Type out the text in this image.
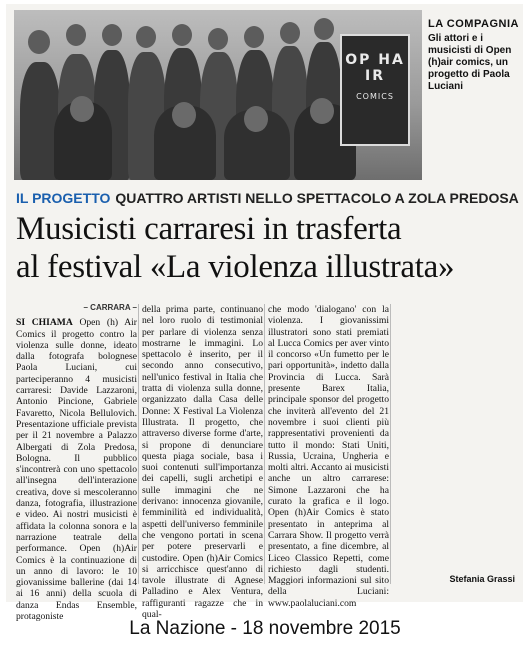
OP HA IR
COMICS
LA COMPAGNIA
Gli attori e i musicisti di Open (h)air comics, un progetto di Paola Luciani
IL PROGETTO QUATTRO ARTISTI NELLO SPETTACOLO A ZOLA PREDOSA
Musicisti carraresi in trasferta
al festival «La violenza illustrata»
– CARRARA –
SI CHIAMA Open (h) Air Comics il progetto contro la violenza sulle donne, ideato dalla fotografa bolognese Paola Luciani, cui parteciperanno 4 musicisti carraresi: Davide Lazzaroni, Antonio Pincione, Gabriele Favaretto, Nicola Bellulovich. Presentazione ufficiale prevista per il 21 novembre a Palazzo Albergati di Zola Predosa, Bologna. Il pubblico s'incontrerà con uno spettacolo all'insegna dell'interazione creativa, dove si mescoleranno danza, fotografia, illustrazione e video. Ai nostri musicisti è affidata la colonna sonora e la narrazione teatrale della performance. Open (h)Air Comics è la continuazione di un anno di lavoro: le 10 giovanissime ballerine (dai 14 ai 16 anni) della scuola di danza Endas Ensemble, protagoniste
della prima parte, continuano nel loro ruolo di testimonial per parlare di violenza senza mostrarne le immagini. Lo spettacolo è inserito, per il secondo anno consecutivo, nell'unico festival in Italia che tratta di violenza sulla donne, organizzato dalla Casa delle Donne: X Festival La Violenza Illustrata. Il progetto, che attraverso diverse forme d'arte, si propone di denunciare questa piaga sociale, basa i suoi contenuti sull'importanza dei capelli, sugli archetipi e sulle immagini che ne derivano: innocenza giovanile, femminilità ed individualità, aspetti dell'universo femminile che vengono portati in scena per potere preservarli e custodire. Open (h)Air Comics si arricchisce quest'anno di tavole illustrate di Agnese Palladino e Alex Ventura, raffiguranti ragazze che in qual-
che modo 'dialogano' con la violenza. I giovanissimi illustratori sono stati premiati al Lucca Comics per aver vinto il concorso «Un fumetto per le pari opportunità», indetto dalla Provincia di Lucca. Sarà presente Barex Italia, principale sponsor del progetto che inviterà all'evento del 21 novembre i suoi clienti più rappresentativi provenienti da tutto il mondo: Stati Uniti, Russia, Ucraina, Ungheria e molti altri. Accanto ai musicisti anche un altro carrarese: Simone Lazzaroni che ha curato la grafica e il logo. Open (h)Air Comics è stato presentato in anteprima al Carrara Show. Il progetto verrà presentato, a fine dicembre, al Liceo Classico Repetti, come richiesto dagli studenti. Maggiori informazioni sul sito della Luciani: www.paolaluciani.com
Stefania Grassi
La Nazione - 18 novembre 2015
